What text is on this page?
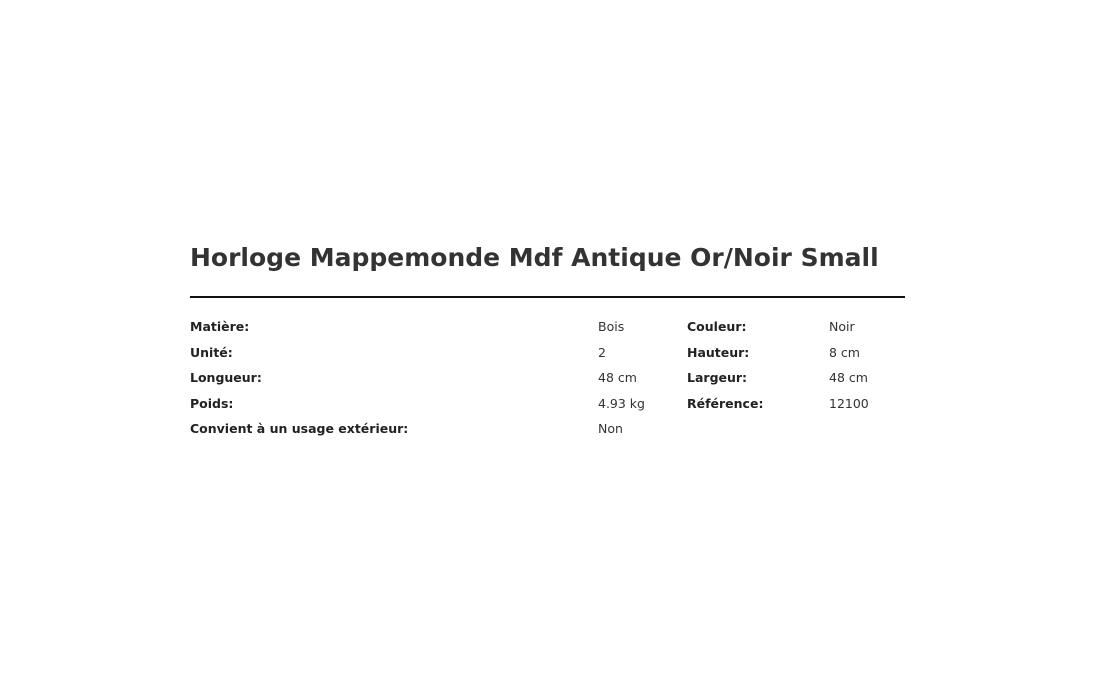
Horloge Mappemonde Mdf Antique Or/Noir Small
Matière:	Bois	Couleur:	Noir
Unité:	2	Hauteur:	8 cm
Longueur:	48 cm	Largeur:	48 cm
Poids:	4.93 kg	Référence:	12100
Convient à un usage extérieur:	Non
